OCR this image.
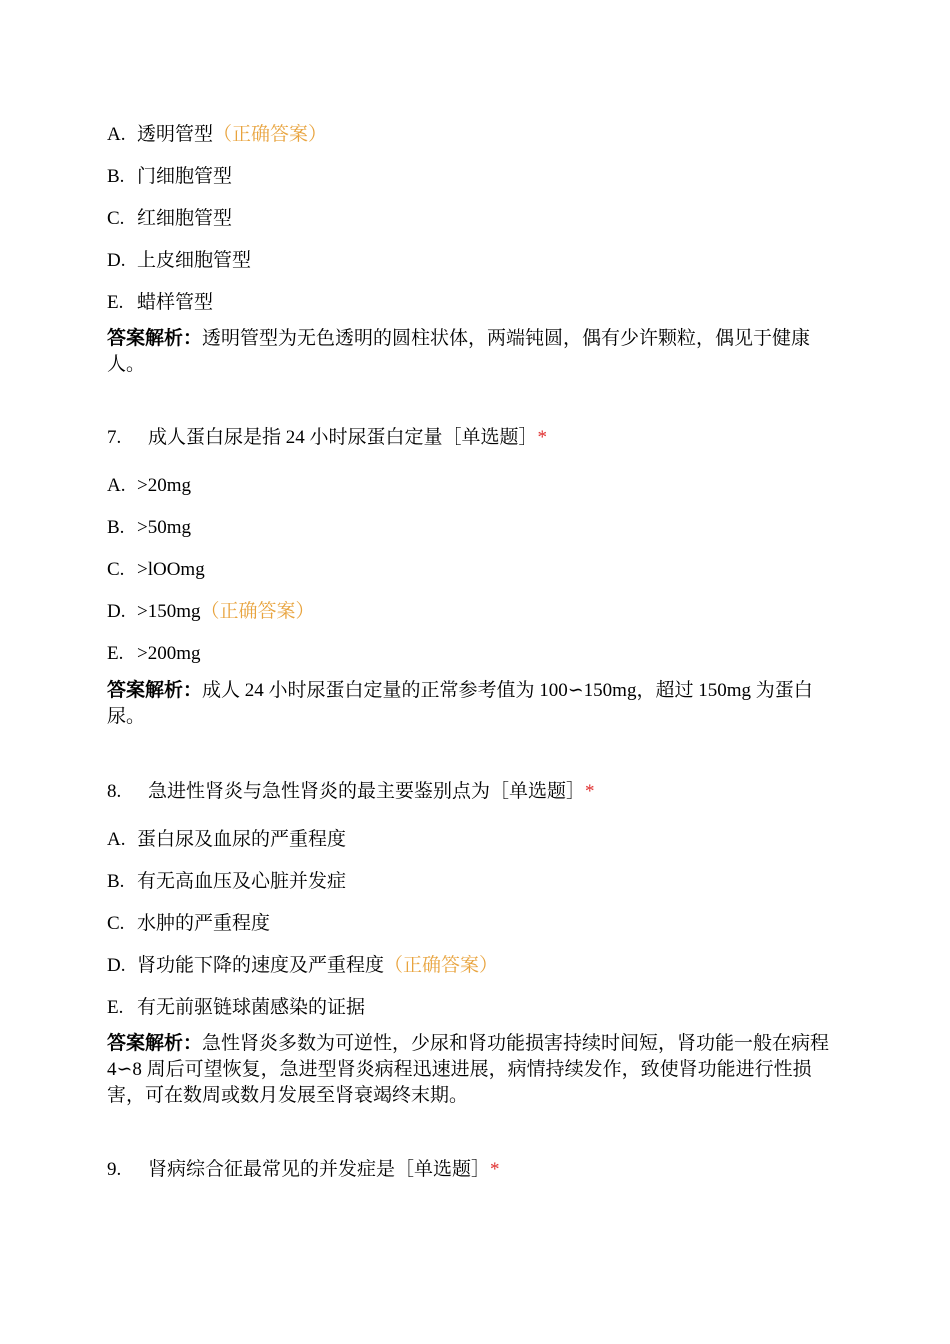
A. 透明管型（正确答案）
B. 门细胞管型
C. 红细胞管型
D. 上皮细胞管型
E. 蜡样管型
答案解析：透明管型为无色透明的圆柱状体，两端钝圆，偶有少许颗粒，偶见于健康人。
7. 成人蛋白尿是指 24 小时尿蛋白定量［单选题］*
A. >20mg
B. >50mg
C. >lOOmg
D. >150mg（正确答案）
E. >200mg
答案解析：成人 24 小时尿蛋白定量的正常参考值为 100∽150mg，超过 150mg 为蛋白尿。
8. 急进性肾炎与急性肾炎的最主要鉴别点为［单选题］*
A. 蛋白尿及血尿的严重程度
B. 有无高血压及心脏并发症
C. 水肿的严重程度
D. 肾功能下降的速度及严重程度（正确答案）
E. 有无前驱链球菌感染的证据
答案解析：急性肾炎多数为可逆性，少尿和肾功能损害持续时间短，肾功能一般在病程 4∽8 周后可望恢复，急进型肾炎病程迅速进展，病情持续发作，致使肾功能进行性损害，可在数周或数月发展至肾衰竭终末期。
9. 肾病综合征最常见的并发症是［单选题］*
